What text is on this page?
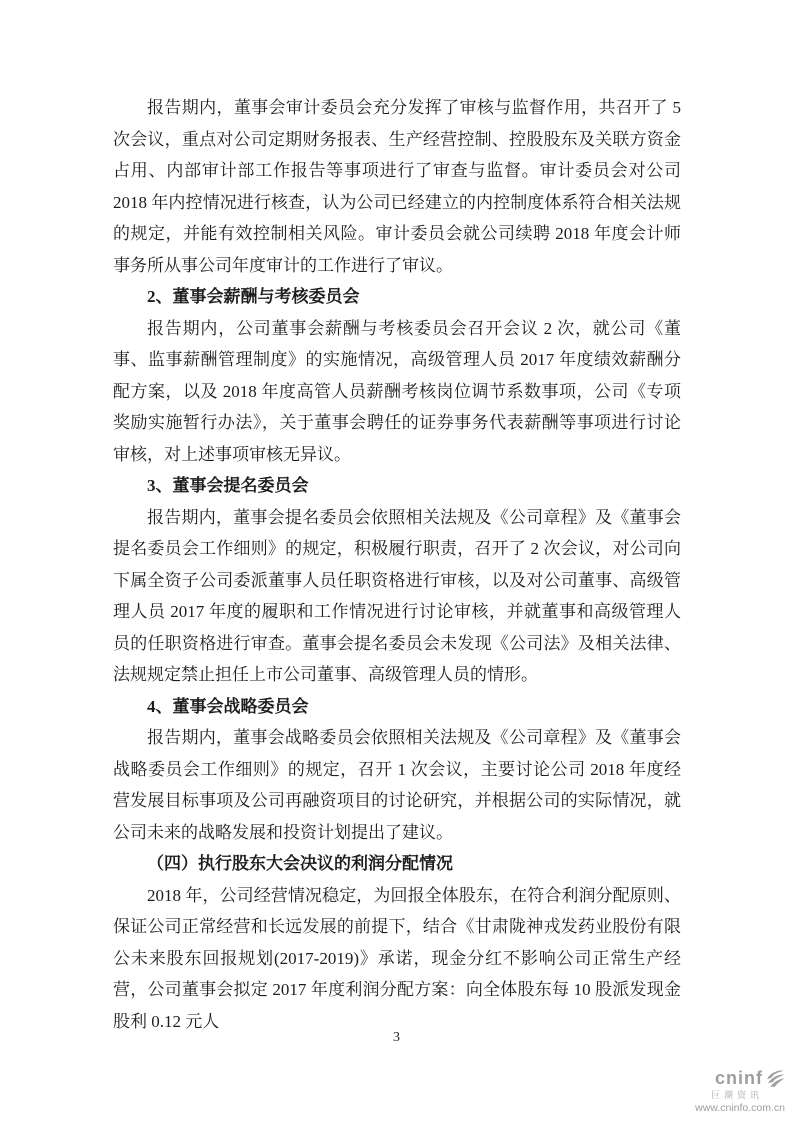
报告期内，董事会审计委员会充分发挥了审核与监督作用，共召开了 5 次会议，重点对公司定期财务报表、生产经营控制、控股股东及关联方资金占用、内部审计部工作报告等事项进行了审查与监督。审计委员会对公司 2018 年内控情况进行核查，认为公司已经建立的内控制度体系符合相关法规的规定，并能有效控制相关风险。审计委员会就公司续聘 2018 年度会计师事务所从事公司年度审计的工作进行了审议。

2、董事会薪酬与考核委员会

报告期内，公司董事会薪酬与考核委员会召开会议 2 次，就公司《董事、监事薪酬管理制度》的实施情况，高级管理人员 2017 年度绩效薪酬分配方案，以及 2018 年度高管人员薪酬考核岗位调节系数事项，公司《专项奖励实施暂行办法》，关于董事会聘任的证券事务代表薪酬等事项进行讨论审核，对上述事项审核无异议。

3、董事会提名委员会

报告期内，董事会提名委员会依照相关法规及《公司章程》及《董事会提名委员会工作细则》的规定，积极履行职责，召开了 2 次会议，对公司向下属全资子公司委派董事人员任职资格进行审核，以及对公司董事、高级管理人员 2017 年度的履职和工作情况进行讨论审核，并就董事和高级管理人员的任职资格进行审查。董事会提名委员会未发现《公司法》及相关法律、法规规定禁止担任上市公司董事、高级管理人员的情形。

4、董事会战略委员会

报告期内，董事会战略委员会依照相关法规及《公司章程》及《董事会战略委员会工作细则》的规定，召开 1 次会议，主要讨论公司 2018 年度经营发展目标事项及公司再融资项目的讨论研究，并根据公司的实际情况，就公司未来的战略发展和投资计划提出了建议。

（四）执行股东大会决议的利润分配情况

2018 年，公司经营情况稳定，为回报全体股东，在符合利润分配原则、保证公司正常经营和长远发展的前提下，结合《甘肃陇神戎发药业股份有限公未来股东回报规划(2017-2019)》承诺，现金分红不影响公司正常生产经营，公司董事会拟定 2017 年度利润分配方案：向全体股东每 10 股派发现金股利 0.12 元人

3
cninf
巨潮资讯
www.cninfo.com.cn
